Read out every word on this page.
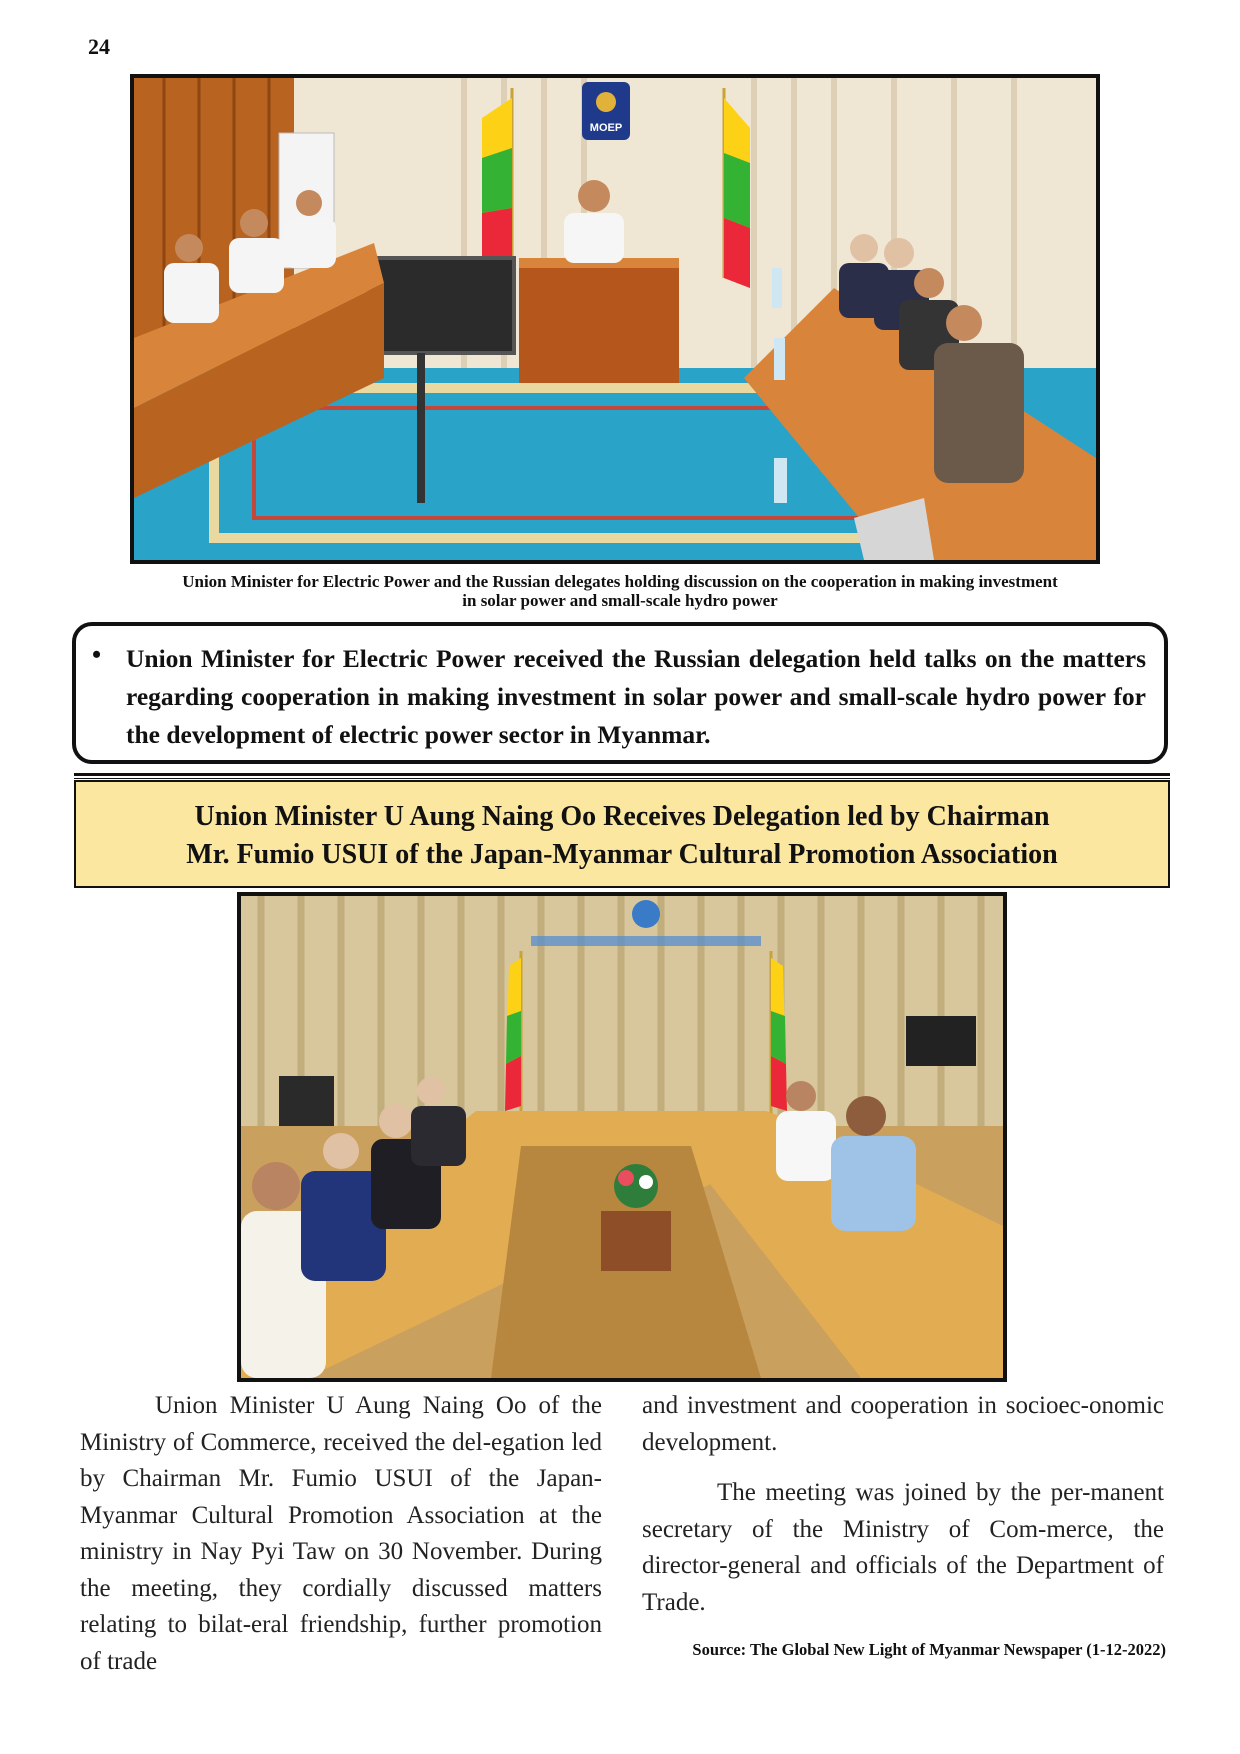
24
MOEP
Union Minister for Electric Power and the Russian delegates holding discussion on the cooperation in making investment
in solar power and small-scale hydro power
• Union Minister for Electric Power received the Russian delegation held talks on the matters regarding cooperation in making investment in solar power and small-scale hydro power for the development of electric power sector in Myanmar.

Union Minister U Aung Naing Oo Receives Delegation led by Chairman
Mr. Fumio USUI of the Japan-Myanmar Cultural Promotion Association

Union Minister U Aung Naing Oo of the Ministry of Commerce, received the del-egation led by Chairman Mr. Fumio USUI of the Japan-Myanmar Cultural Promotion Association at the ministry in Nay Pyi Taw on 30 November. During the meeting, they cordially discussed matters relating to bilat-eral friendship, further promotion of trade

and investment and cooperation in socioec-onomic development.

The meeting was joined by the per-manent secretary of the Ministry of Com-merce, the director-general and officials of the Department of Trade.

Source: The Global New Light of Myanmar Newspaper (1-12-2022)
